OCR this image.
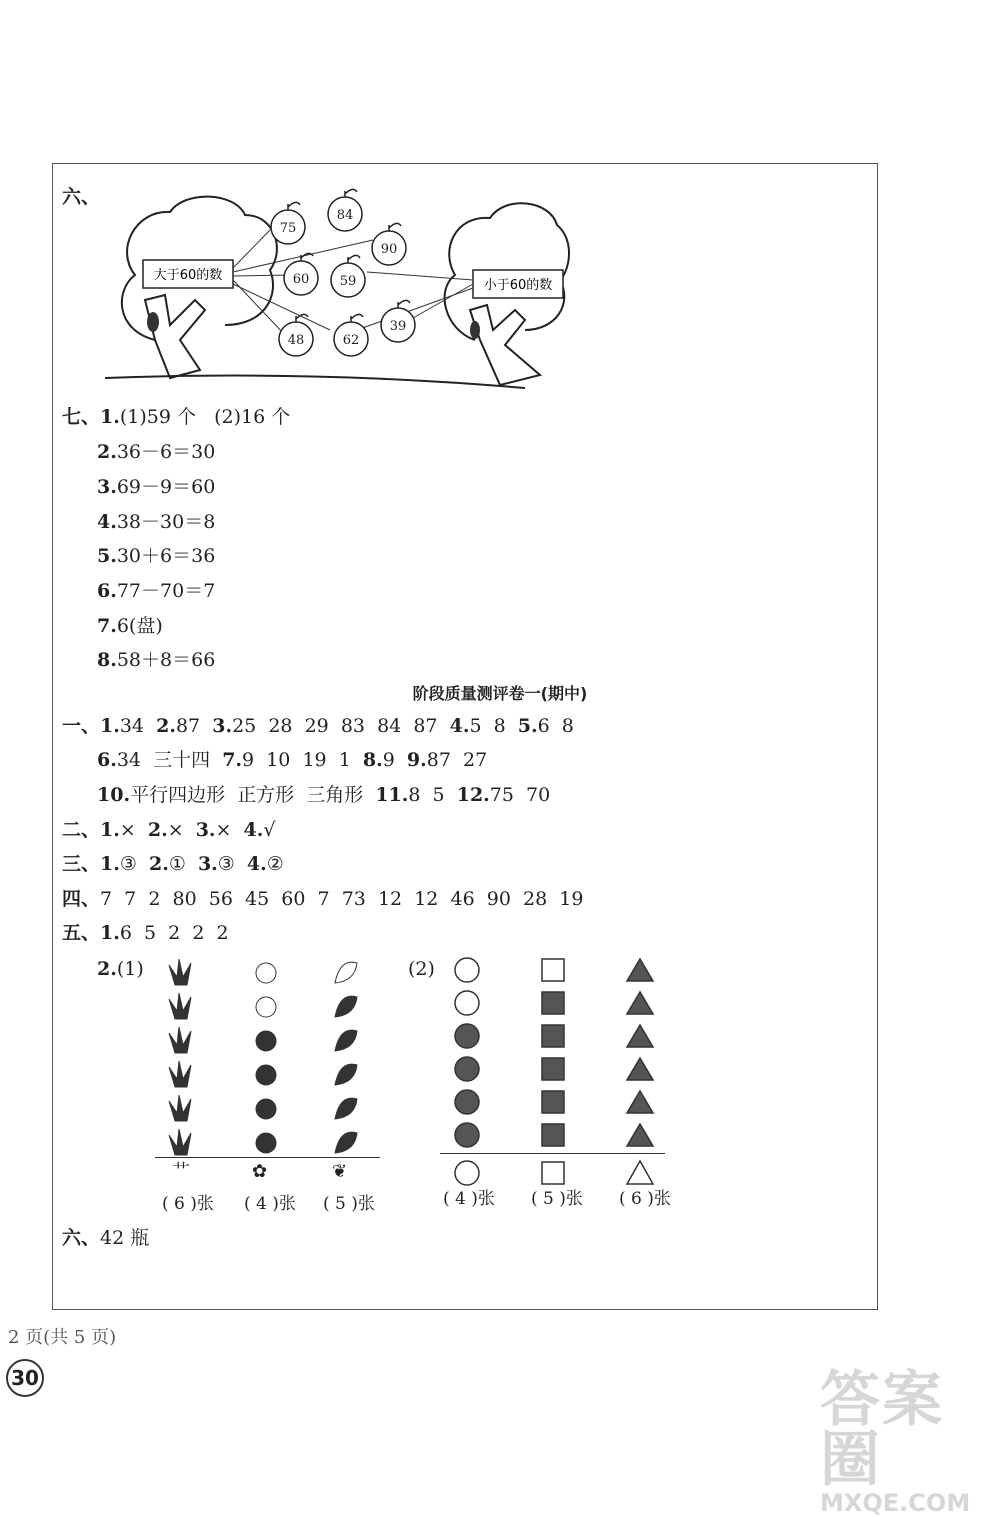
六、
大于60的数
小于60的数
75
84
90
60 59
48	62
39
七、1.(1)59 个   (2)16 个
2.36－6＝30
3.69－9＝60
4.38－30＝8
5.30＋6＝36
6.77－70＝7
7.6(盘)
8.58＋8＝66
阶段质量测评卷一(期中)
一、1.34  2.87  3.25  28  29  83  84  87  4.5  8  5.6  8
6.34  三十四  7.9  10  19  1  8.9  9.87  27
10.平行四边形  正方形  三角形  11.8  5  12.75  70
二、1.×  2.×  3.×  4.√
三、1.③  2.①  3.③  4.②
四、7  7  2  80  56  45  60  7  73  12  12  46  90  28  19
五、1.6  5  2  2  2
2.(1)	(2)
⺾	✿	❦
( 6 )张 ( 4 )张 ( 5 )张	( 4 )张 ( 5 )张 ( 6 )张
六、42 瓶
2 页(共 5 页)
30	答案圈
MXQE.COM
